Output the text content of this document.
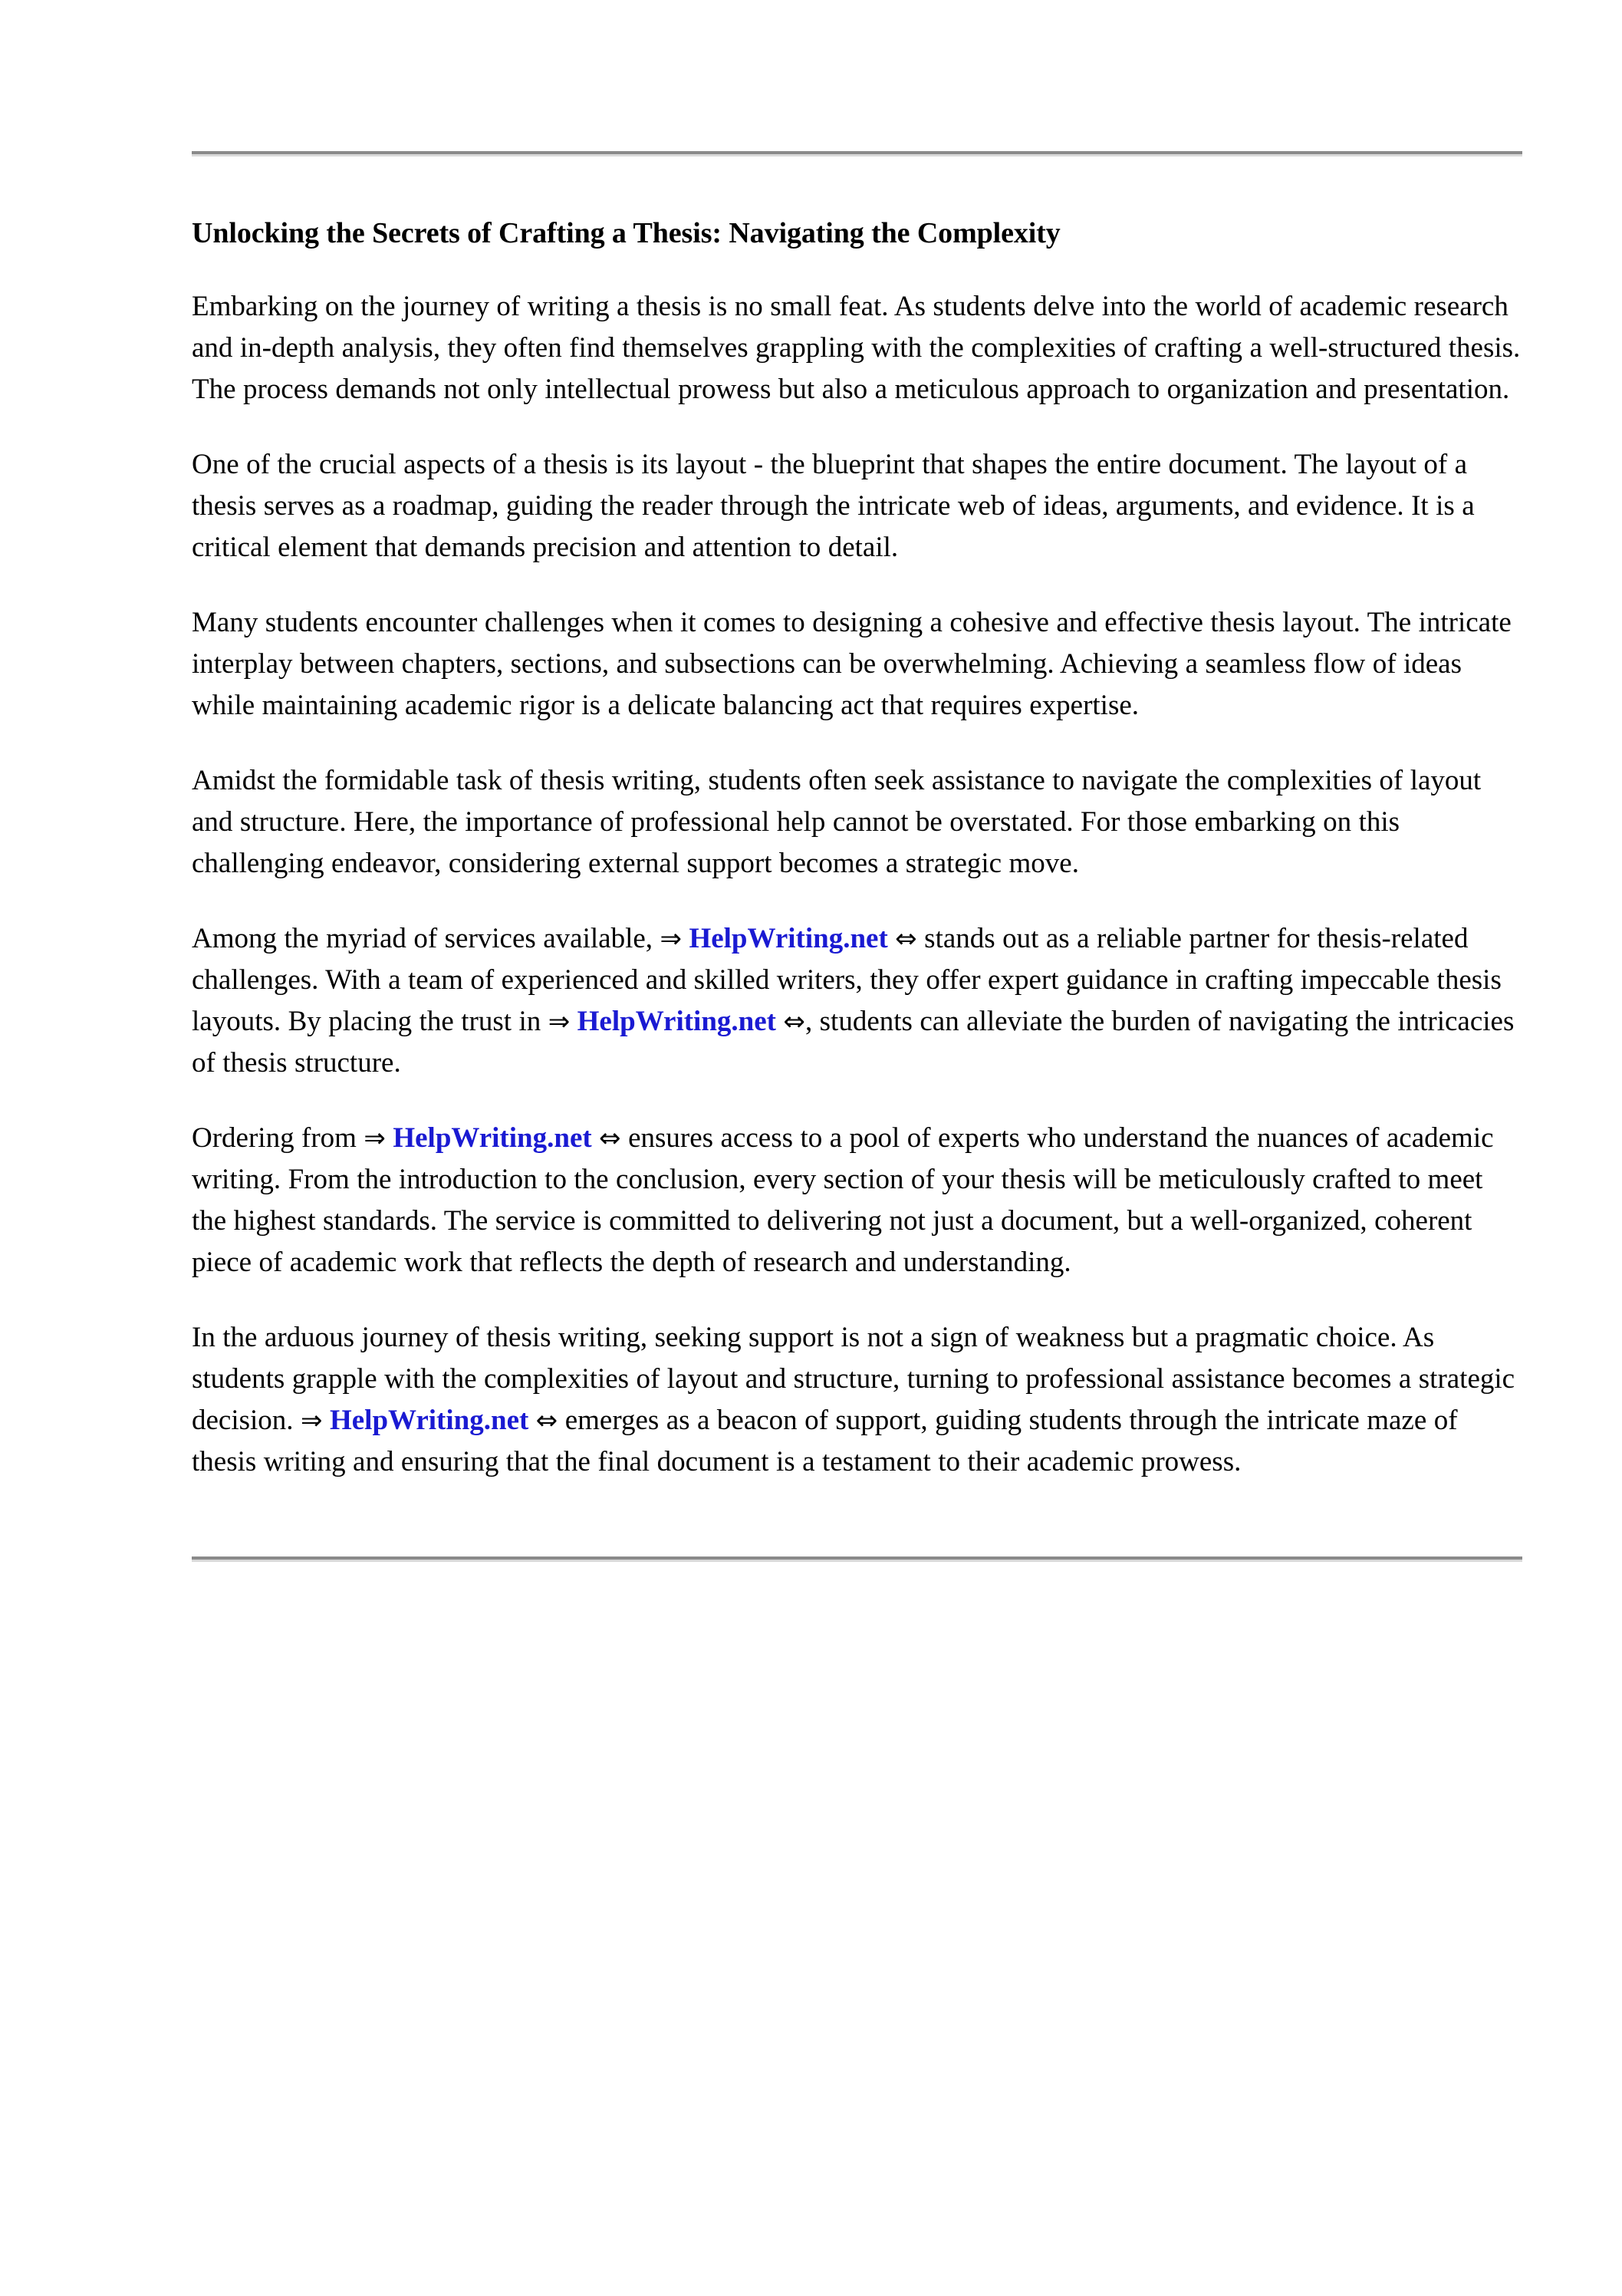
Unlocking the Secrets of Crafting a Thesis: Navigating the Complexity

Embarking on the journey of writing a thesis is no small feat. As students delve into the world of academic research and in-depth analysis, they often find themselves grappling with the complexities of crafting a well-structured thesis. The process demands not only intellectual prowess but also a meticulous approach to organization and presentation.

One of the crucial aspects of a thesis is its layout - the blueprint that shapes the entire document. The layout of a thesis serves as a roadmap, guiding the reader through the intricate web of ideas, arguments, and evidence. It is a critical element that demands precision and attention to detail.

Many students encounter challenges when it comes to designing a cohesive and effective thesis layout. The intricate interplay between chapters, sections, and subsections can be overwhelming. Achieving a seamless flow of ideas while maintaining academic rigor is a delicate balancing act that requires expertise.

Amidst the formidable task of thesis writing, students often seek assistance to navigate the complexities of layout and structure. Here, the importance of professional help cannot be overstated. For those embarking on this challenging endeavor, considering external support becomes a strategic move.

Among the myriad of services available, ⇒ HelpWriting.net ⇔ stands out as a reliable partner for thesis-related challenges. With a team of experienced and skilled writers, they offer expert guidance in crafting impeccable thesis layouts. By placing the trust in ⇒ HelpWriting.net ⇔, students can alleviate the burden of navigating the intricacies of thesis structure.

Ordering from ⇒ HelpWriting.net ⇔ ensures access to a pool of experts who understand the nuances of academic writing. From the introduction to the conclusion, every section of your thesis will be meticulously crafted to meet the highest standards. The service is committed to delivering not just a document, but a well-organized, coherent piece of academic work that reflects the depth of research and understanding.

In the arduous journey of thesis writing, seeking support is not a sign of weakness but a pragmatic choice. As students grapple with the complexities of layout and structure, turning to professional assistance becomes a strategic decision. ⇒ HelpWriting.net ⇔ emerges as a beacon of support, guiding students through the intricate maze of thesis writing and ensuring that the final document is a testament to their academic prowess.
